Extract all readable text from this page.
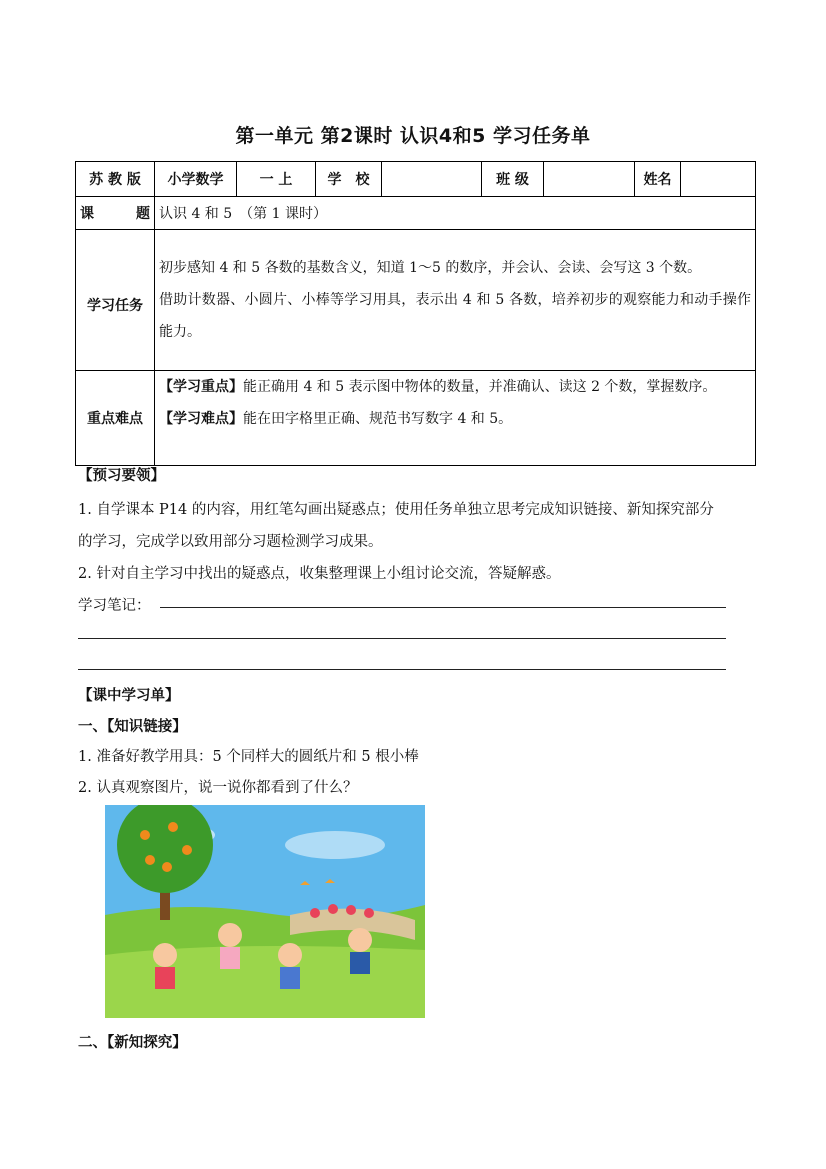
第一单元 第2课时 认识4和5 学习任务单
苏 教 版	小学数学	一 上	学　校		班 级		姓名	
课　　题	认识 4 和 5　（第 1 课时）							
学习任务	初步感知 4 和 5 各数的基数含义，知道 1～5 的数序，并会认、会读、会写这 3 个数。

借助计数器、小圆片、小棒等学习用具，表示出 4 和 5 各数，培养初步的观察能力和动手操作能力。							

重点难点	【学习重点】能正确用 4 和 5 表示图中物体的数量，并准确认、读这 2 个数，掌握数序。

【学习难点】能在田字格里正确、规范书写数字 4 和 5。							

【预习要领】
1. 自学课本 P14 的内容，用红笔勾画出疑惑点；使用任务单独立思考完成知识链接、新知探究部分的学习，完成学以致用部分习题检测学习成果。
2. 针对自主学习中找出的疑惑点，收集整理课上小组讨论交流，答疑解惑。
学习笔记：
【课中学习单】
一、【知识链接】
1. 准备好教学用具：5 个同样大的圆纸片和 5 根小棒
2. 认真观察图片，说一说你都看到了什么？
二、【新知探究】
